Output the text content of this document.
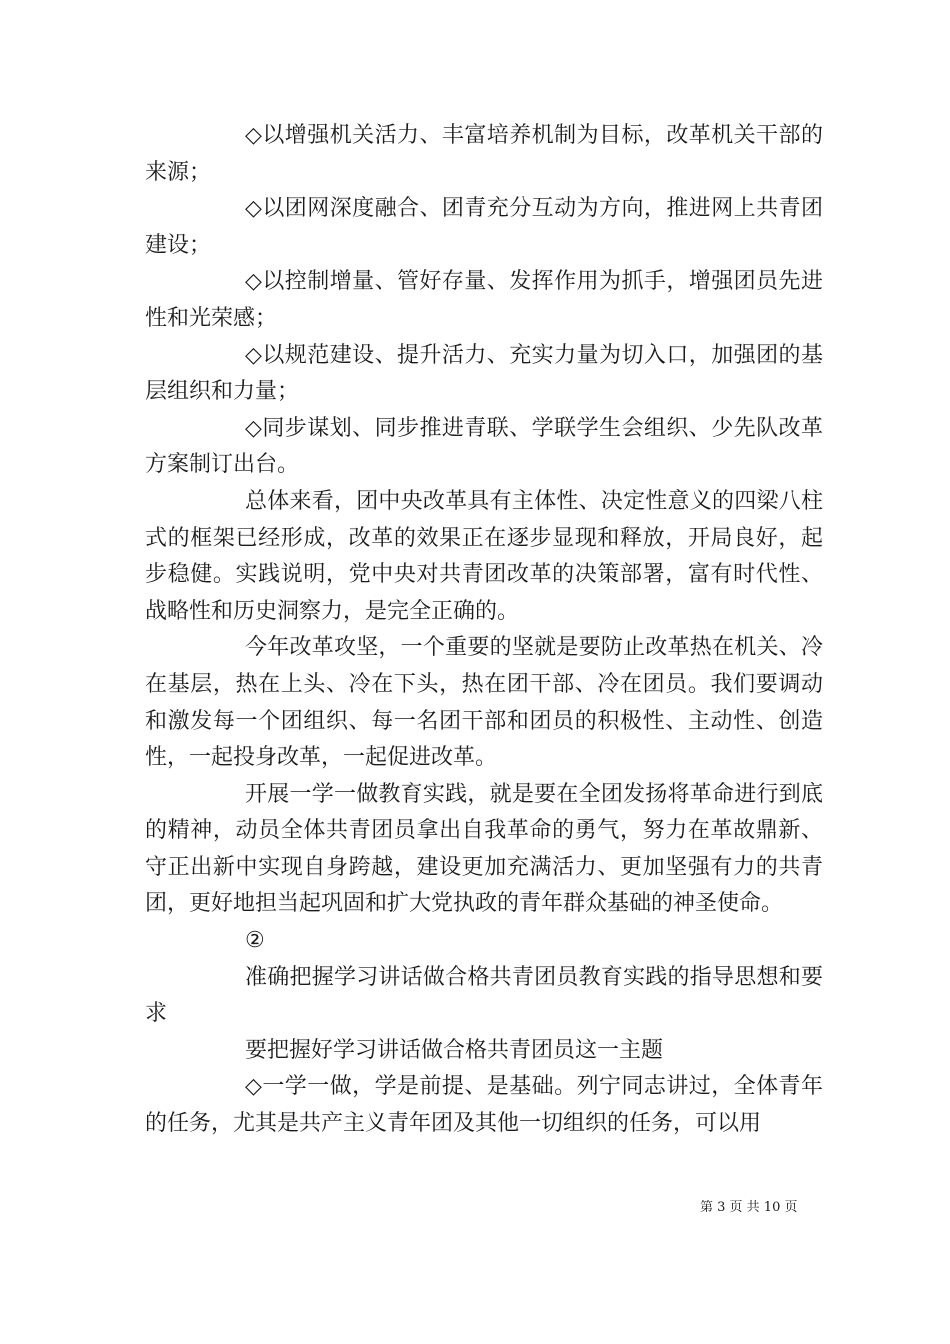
◇以增强机关活力、丰富培养机制为目标，改革机关干部的来源；

◇以团网深度融合、团青充分互动为方向，推进网上共青团建设；

◇以控制增量、管好存量、发挥作用为抓手，增强团员先进性和光荣感；

◇以规范建设、提升活力、充实力量为切入口，加强团的基层组织和力量；

◇同步谋划、同步推进青联、学联学生会组织、少先队改革方案制订出台。

总体来看，团中央改革具有主体性、决定性意义的四梁八柱式的框架已经形成，改革的效果正在逐步显现和释放，开局良好，起步稳健。实践说明，党中央对共青团改革的决策部署，富有时代性、战略性和历史洞察力，是完全正确的。

今年改革攻坚，一个重要的坚就是要防止改革热在机关、冷在基层，热在上头、冷在下头，热在团干部、冷在团员。我们要调动和激发每一个团组织、每一名团干部和团员的积极性、主动性、创造性，一起投身改革，一起促进改革。

开展一学一做教育实践，就是要在全团发扬将革命进行到底的精神，动员全体共青团员拿出自我革命的勇气，努力在革故鼎新、守正出新中实现自身跨越，建设更加充满活力、更加坚强有力的共青团，更好地担当起巩固和扩大党执政的青年群众基础的神圣使命。

②

准确把握学习讲话做合格共青团员教育实践的指导思想和要求

要把握好学习讲话做合格共青团员这一主题

◇一学一做，学是前提、是基础。列宁同志讲过，全体青年的任务，尤其是共产主义青年团及其他一切组织的任务，可以用

第 3 页 共 10 页
